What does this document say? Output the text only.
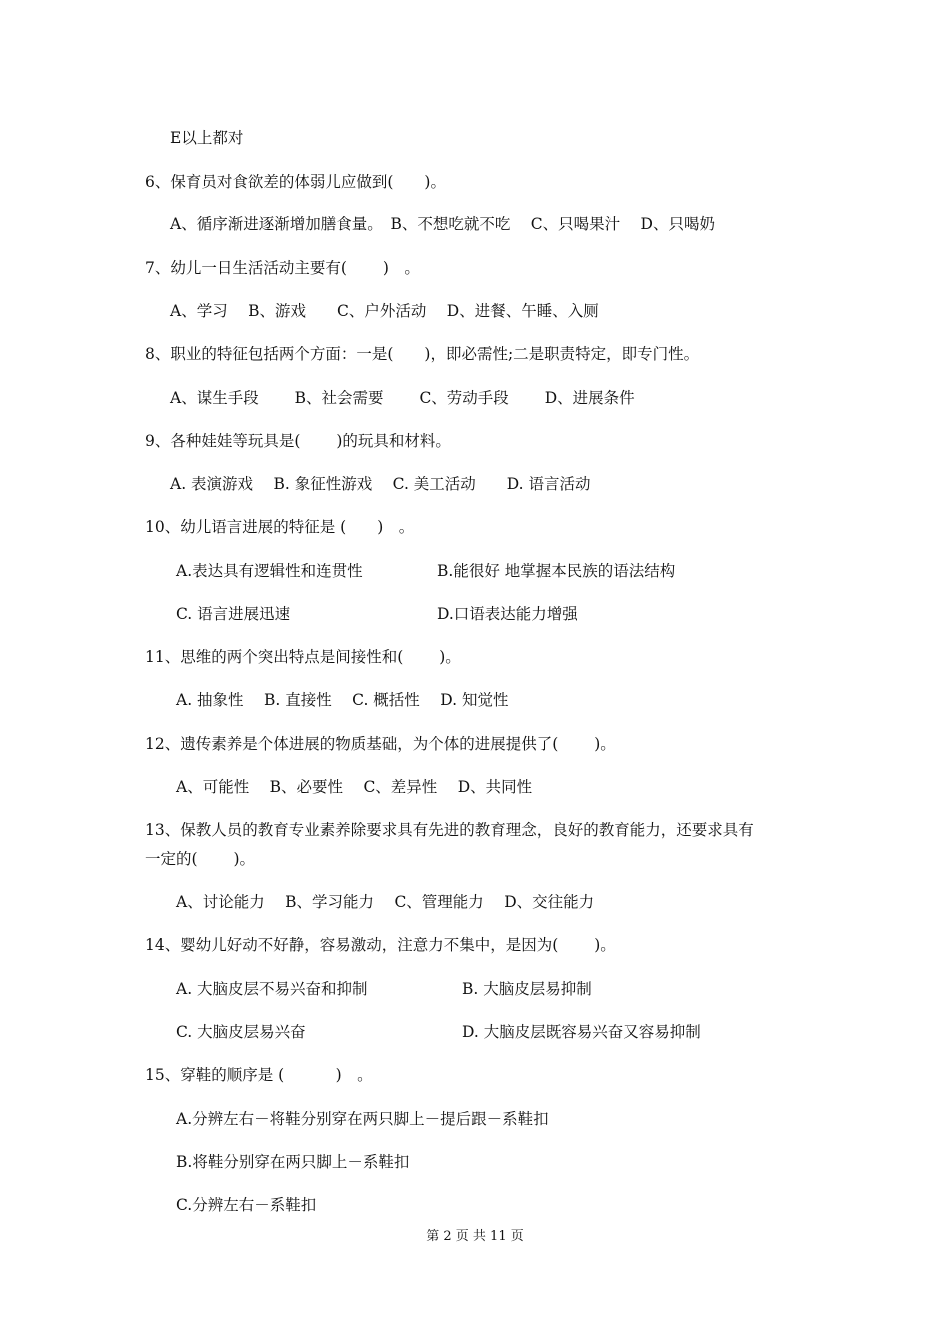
E以上都对
6、保育员对食欲差的体弱儿应做到(　　)。
A、循序渐进逐渐增加膳食量。　B、不想吃就不吃　 C、只喝果汁　 D、只喝奶
7、幼儿一日生活活动主要有(　　 )　。
A、学习　 B、游戏　　C、户外活动　 D、进餐、午睡、入厕
8、职业的特征包括两个方面：一是(　　)，即必需性;二是职责特定，即专门性。
A、谋生手段　　 B、社会需要　　 C、劳动手段　　 D、进展条件
9、各种娃娃等玩具是(　　 )的玩具和材料。
A. 表演游戏　 B. 象征性游戏　 C. 美工活动　　D. 语言活动
10、幼儿语言进展的特征是 (　　)　。
A.表达具有逻辑性和连贯性	B.能很好 地掌握本民族的语法结构
C. 语言进展迅速	D.口语表达能力增强
11、思维的两个突出特点是间接性和(　　 )。
A. 抽象性　 B. 直接性　 C. 概括性　 D. 知觉性
12、遗传素养是个体进展的物质基础，为个体的进展提供了(　　 )。
A、可能性　 B、必要性　 C、差异性　 D、共同性
13、保教人员的教育专业素养除要求具有先进的教育理念，良好的教育能力，还要求具有
一定的(　　 )。
A、讨论能力　 B、学习能力　 C、管理能力　 D、交往能力
14、婴幼儿好动不好静，容易激动，注意力不集中，是因为(　　 )。
A. 大脑皮层不易兴奋和抑制	B. 大脑皮层易抑制
C. 大脑皮层易兴奋	D. 大脑皮层既容易兴奋又容易抑制
15、穿鞋的顺序是 (　　　 )　。
A.分辨左右－将鞋分别穿在两只脚上－提后跟－系鞋扣
B.将鞋分别穿在两只脚上－系鞋扣
C.分辨左右－系鞋扣
第 2 页 共 11 页
